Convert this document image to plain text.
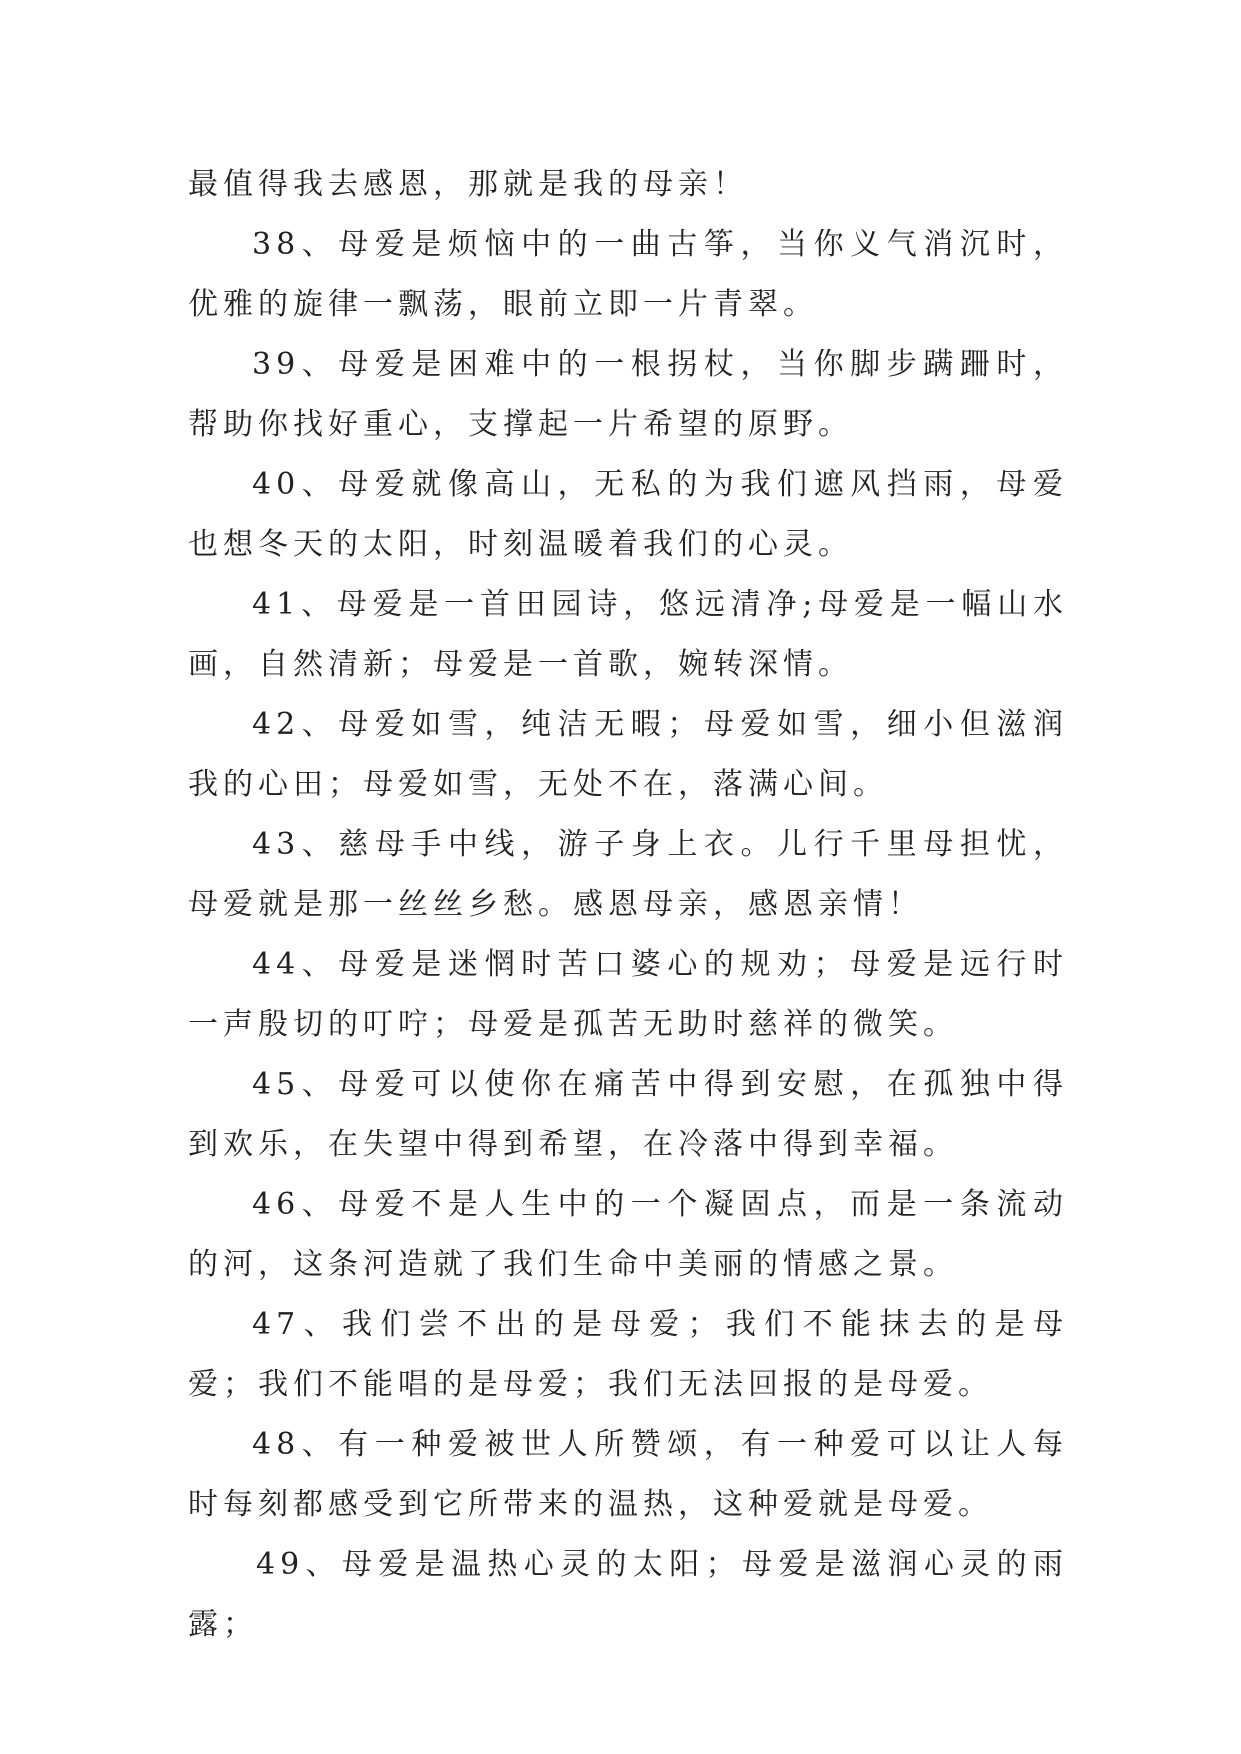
最值得我去感恩，那就是我的母亲！

38、母爱是烦恼中的一曲古筝，当你义气消沉时，优雅的旋律一飘荡，眼前立即一片青翠。

39、母爱是困难中的一根拐杖，当你脚步蹒跚时，帮助你找好重心，支撑起一片希望的原野。

40、母爱就像高山，无私的为我们遮风挡雨，母爱也想冬天的太阳，时刻温暖着我们的心灵。

41、母爱是一首田园诗，悠远清净;母爱是一幅山水画，自然清新；母爱是一首歌，婉转深情。

42、母爱如雪，纯洁无暇；母爱如雪，细小但滋润我的心田；母爱如雪，无处不在，落满心间。

43、慈母手中线，游子身上衣。儿行千里母担忧，母爱就是那一丝丝乡愁。感恩母亲，感恩亲情！

44、母爱是迷惘时苦口婆心的规劝；母爱是远行时一声殷切的叮咛；母爱是孤苦无助时慈祥的微笑。

45、母爱可以使你在痛苦中得到安慰，在孤独中得到欢乐，在失望中得到希望，在冷落中得到幸福。

46、母爱不是人生中的一个凝固点，而是一条流动的河，这条河造就了我们生命中美丽的情感之景。

47、我们尝不出的是母爱；我们不能抹去的是母爱；我们不能唱的是母爱；我们无法回报的是母爱。

48、有一种爱被世人所赞颂，有一种爱可以让人每时每刻都感受到它所带来的温热，这种爱就是母爱。

49、母爱是温热心灵的太阳；母爱是滋润心灵的雨露；
